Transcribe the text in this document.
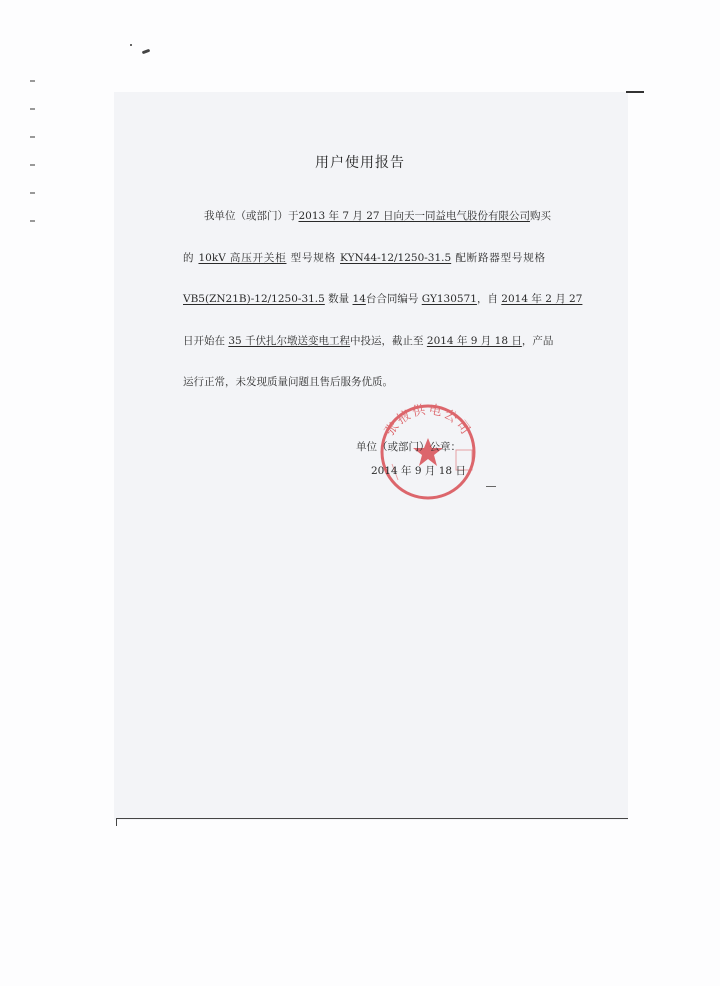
用户使用报告
我单位（或部门）于2013 年 7 月 27 日向天一同益电气股份有限公司购买
的 10kV 高压开关柜 型号规格 KYN44-12/1250-31.5 配断路器型号规格
VB5(ZN21B)-12/1250-31.5 数量 14台合同编号 GY130571，自 2014 年 2 月 27
日开始在 35 千伏扎尔墩送变电工程中投运，截止至 2014 年 9 月 18 日，产品
运行正常，未发现质量问题且售后服务优质。
张掖供电公司
单位（或部门）公章：
2014 年 9 月 18 日
